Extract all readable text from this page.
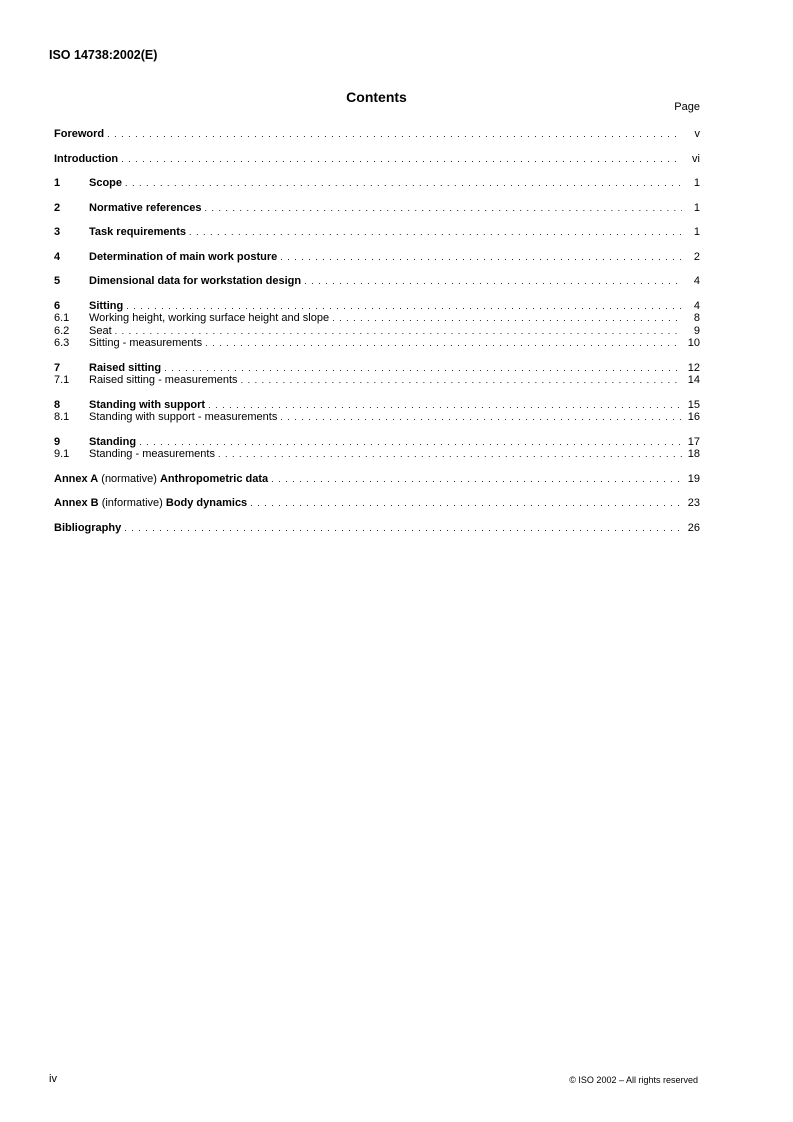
ISO 14738:2002(E)
Contents
Page
Foreword . . .	v
Introduction . . .	vi
1	Scope . . .	1
2	Normative references . . .	1
3	Task requirements . . .	1
4	Determination of main work posture . . .	2
5	Dimensional data for workstation design . . .	4
6	Sitting . . .	4
6.1	Working height, working surface height and slope . . .	8
6.2	Seat . . .	9
6.3	Sitting - measurements . . .	10
7	Raised sitting . . .	12
7.1	Raised sitting - measurements . . .	14
8	Standing with support . . .	15
8.1	Standing with support - measurements . . .	16
9	Standing . . .	17
9.1	Standing - measurements . . .	18
Annex A (normative) Anthropometric data . . .	19
Annex B (informative) Body dynamics . . .	23
Bibliography . . .	26
iv	© ISO 2002 – All rights reserved
